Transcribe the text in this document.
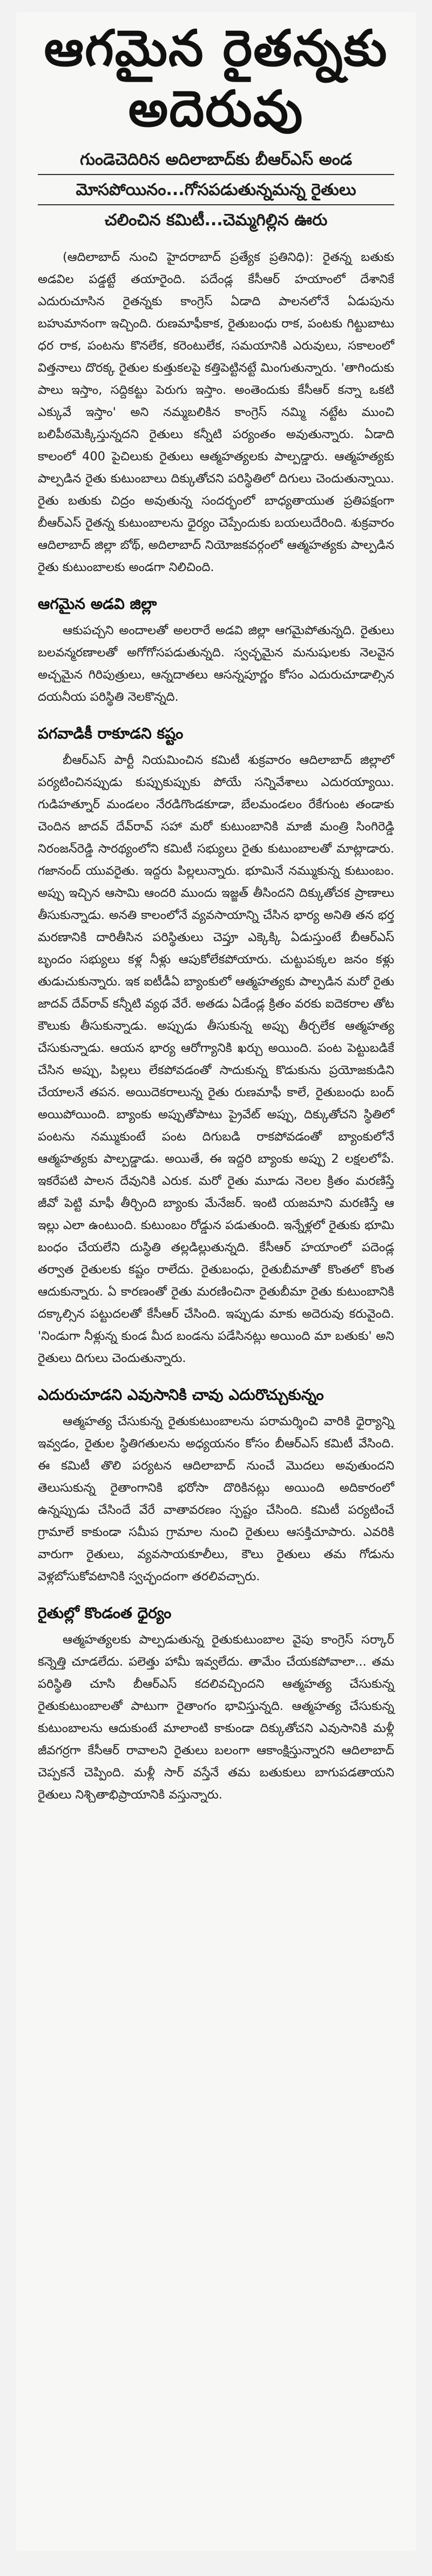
ఆగమైన రైతన్నకు అదెరువు
గుండెచెదిరిన అదిలాబాద్‌కు బీఆర్‌ఎస్ అండ
మోసపోయినం...గోసపడుతున్నమన్న రైతులు
చలించిన కమిటీ...చెమ్మగిల్లిన ఊరు

(ఆదిలాబాద్ నుంచి హైదరాబాద్ ప్రత్యేక ప్రతినిధి): రైతన్న బతుకు అడవిల పడ్డట్టే తయారైంది. పదేండ్ల కేసీఆర్ హయాంలో దేశానికే ఎదురుచూసిన రైతన్నకు కాంగ్రెస్ ఏడాది పాలనలోనే ఏడుపును బహుమానంగా ఇచ్చింది. రుణమాఫీకాక, రైతుబంధు రాక, పంటకు గిట్టుబాటు ధర రాక, పంటను కొనలేక, కరెంటులేక, సమయానికి ఎరువులు, సకాలంలో విత్తనాలు దొరక్క రైతుల కుత్తుకలపై కత్తిపెట్టినట్టే మింగుతున్నారు. 'తాగిందుకు పాలు ఇస్తాం, సద్దికట్టు పెరుగు ఇస్తాం. అంతెందుకు కేసీఆర్ కన్నా ఒకటి ఎక్కువే ఇస్తాం' అని నమ్మబలికిన కాంగ్రెస్ నమ్మి నట్టేట ముంచి బలిపీఠమెక్కిస్తున్నదని రైతులు కన్నీటి పర్యంతం అవుతున్నారు. ఏడాది కాలంలో 400 పైచిలుకు రైతులు ఆత్మహత్యలకు పాల్పడ్డారు. ఆత్మహత్యకు పాల్పడిన రైతు కుటుంబాలు దిక్కుతోచని పరిస్థితిలో దిగులు చెందుతున్నాయి. రైతు బతుకు చిద్రం అవుతున్న సందర్భంలో బాధ్యతాయుత ప్రతిపక్షంగా బీఆర్‌ఎస్ రైతన్న కుటుంబాలను ధైర్యం చెప్పేందుకు బయలుదేరింది. శుక్రవారం ఆదిలాబాద్ జిల్లా బోథ్, అదిలాబాద్ నియోజకవర్గంలో ఆత్మహత్యకు పాల్పడిన రైతు కుటుంబాలకు అండగా నిలిచింది.

ఆగమైన అడవి జిల్లా

ఆకుపచ్చని అందాలతో అలరారే అడవి జిల్లా ఆగమైపోతున్నది. రైతులు బలవన్మరణాలతో అగోగోసపడుతున్నది. స్వచ్ఛమైన మనుషులకు నెలవైన అచ్చమైన గిరిపుత్రులు, ఆన్నదాతలు ఆసన్నపూర్ణం కోసం ఎదురుచూడాల్సిన దయనీయ పరిస్థితి నెలకొన్నది.

పగవాడికీ రాకూడని కష్టం

బీఆర్‌ఎస్ పార్టీ నియమించిన కమిటీ శుక్రవారం ఆదిలాబాద్ జిల్లాలో పర్యటించినప్పుడు కుప్పుకుప్పుకు పోయే సన్నివేశాలు ఎదురయ్యాయి. గుడిహత్నూర్ మండలం నేరడిగొండకూడా, బేలమండలం రేకేగుంట తండాకు చెందిన జాదవ్ దేవ్‌రావ్ సహా మరో కుటుంబానికి మాజీ మంత్రి సింగిరెడ్డి నిరంజన్‌రెడ్డి సారథ్యంలోని కమిటీ సభ్యులు రైతు కుటుంబాలతో మాట్లాడారు. గజానంద్ యువరైతు. ఇద్దరు పిల్లలున్నారు. భూమినే నమ్ముకున్న కుటుంబం. అప్పు ఇచ్చిన ఆసామి ఆందరి ముందు ఇజ్జత్ తీసిందని దిక్కుతోచక ప్రాణాలు తీసుకున్నాడు. అనతి కాలంలోనే వ్యవసాయాన్ని చేసిన భార్య అనితి తన భర్త మరణానికి దారితీసిన పరిస్థితులు చెప్తూ ఎక్కెక్కి ఏడుస్తుంటే బీఆర్‌ఎస్ బృందం సభ్యులు కళ్ల నీళ్లు ఆపుకోలేకపోయారు. చుట్టుపక్కల జనం కళ్లు తుడుచుకున్నారు. ఇక ఐటీడీఏ బ్యాంకులో ఆత్మహత్యకు పాల్పడిన మరో రైతు జాదవ్ దేవ్‌రావ్ కన్నీటి వ్యథ వేరే. అతడు ఏడేండ్ల క్రితం వరకు ఐదెకరాల తోట కౌలుకు తీసుకున్నాడు. అప్పుడు తీసుకున్న అప్పు తీర్చలేక ఆత్మహత్య చేసుకున్నాడు. ఆయన భార్య ఆరోగ్యానికి ఖర్చు అయింది. పంట పెట్టుబడికే చేసిన అప్పు, పిల్లలు లేకపోవడంతో సాదుకున్న కొడుకును ప్రయోజకుడిని చేయాలనే తపన. అయిదెకరాలున్న రైతు రుణమాఫీ కాలే, రైతుబంధు బంద్ అయిపోయింది. బ్యాంకు అప్పుతోపాటు ప్రైవేట్ అప్పు, దిక్కుతోచని స్థితిలో పంటను నమ్ముకుంటే పంట దిగుబడి రాకపోవడంతో బ్యాంకులోనే ఆత్మహత్యకు పాల్పడ్డాడు. అయితే, ఈ ఇద్దరి బ్యాంకు అప్పు 2 లక్షలలోపే. ఇకరేపటి పాలన దేవునికి ఎరుక. మరో రైతు మూడు నెలల క్రితం మరణిస్తే జీవో పెట్టి మాఫీ తీర్చింది బ్యాంకు మేనేజర్. ఇంటి యజమాని మరణిస్తే ఆ ఇల్లు ఎలా ఉంటుంది. కుటుంబం రోడ్డున పడుతుంది. ఇన్నేళ్లలో రైతుకు భూమి బంధం చేయలేని దుస్థితి తల్లడిల్లుతున్నది. కేసీఆర్ హయాంలో పదెండ్ల తర్వాత రైతులకు కష్టం రాలేదు. రైతుబంధు, రైతుబీమాతో కొంతలో కొంత ఆదుకున్నారు. ఏ కారణంతో రైతు మరణించినా రైతుబీమా రైతు కుటుంబానికి దక్కాల్సిన పట్టుదలతో కేసీఆర్ చేసింది. ఇప్పుడు మాకు అదెరువు కరువైంది. 'నిండుగా నీళ్లున్న కుండ మీద బండను పడేసినట్లు అయింది మా బతుకు' అని రైతులు దిగులు చెందుతున్నారు.

ఎదురుచూడని ఎవుసానికి చావు ఎదురొచ్చుకున్నం

ఆత్మహత్య చేసుకున్న రైతుకుటుంబాలను పరామర్శించి వారికి ధైర్యాన్ని ఇవ్వడం, రైతుల స్థితిగతులను అధ్యయనం కోసం బీఆర్‌ఎస్ కమిటీ వేసింది. ఈ కమిటీ తొలి పర్యటన ఆదిలాబాద్ నుంచే మొదలు అవుతుందని తెలుసుకున్న రైతాంగానికి భరోసా దొరికినట్లు అయింది అదికారంలో ఉన్నప్పుడు చేసిందే వేరే వాతావరణం స్పష్టం చేసింది. కమిటీ పర్యటించే గ్రామాలే కాకుండా సమీప గ్రామాల నుంచి రైతులు ఆసక్తిచూపారు. ఎవరికి వారుగా రైతులు, వ్యవసాయకూలీలు, కౌలు రైతులు తమ గోడును వెళ్లబోసుకోవటానికి స్వచ్ఛందంగా తరలివచ్చారు.

రైతుల్లో కొండంత ధైర్యం

ఆత్మహత్యలకు పాల్పడుతున్న రైతుకుటుంబాల వైపు కాంగ్రెస్ సర్కార్ కన్నెత్తి చూడలేదు. పలెత్తు హామీ ఇవ్వలేదు. తామేం చేయకపోవాలా... తమ పరిస్థితి చూసి బీఆర్‌ఎస్ కదలివచ్చిందని ఆత్మహత్య చేసుకున్న రైతుకుటుంబాలతో పాటుగా రైతాంగం భావిస్తున్నది. ఆత్మహత్య చేసుకున్న కుటుంబాలను ఆదుకుంటే మాలాంటి కాకుండా దిక్కుతోచని ఎవుసానికి మళ్లీ జీవగర్రగా కేసీఆర్ రావాలని రైతులు బలంగా ఆకాంక్షిస్తున్నారని ఆదిలాబాద్ చెప్పకనే చెప్పింది. మళ్లీ సార్ వస్తేనే తమ బతుకులు బాగుపడతాయని రైతులు నిశ్చితాభిప్రాయానికి వస్తున్నారు.
